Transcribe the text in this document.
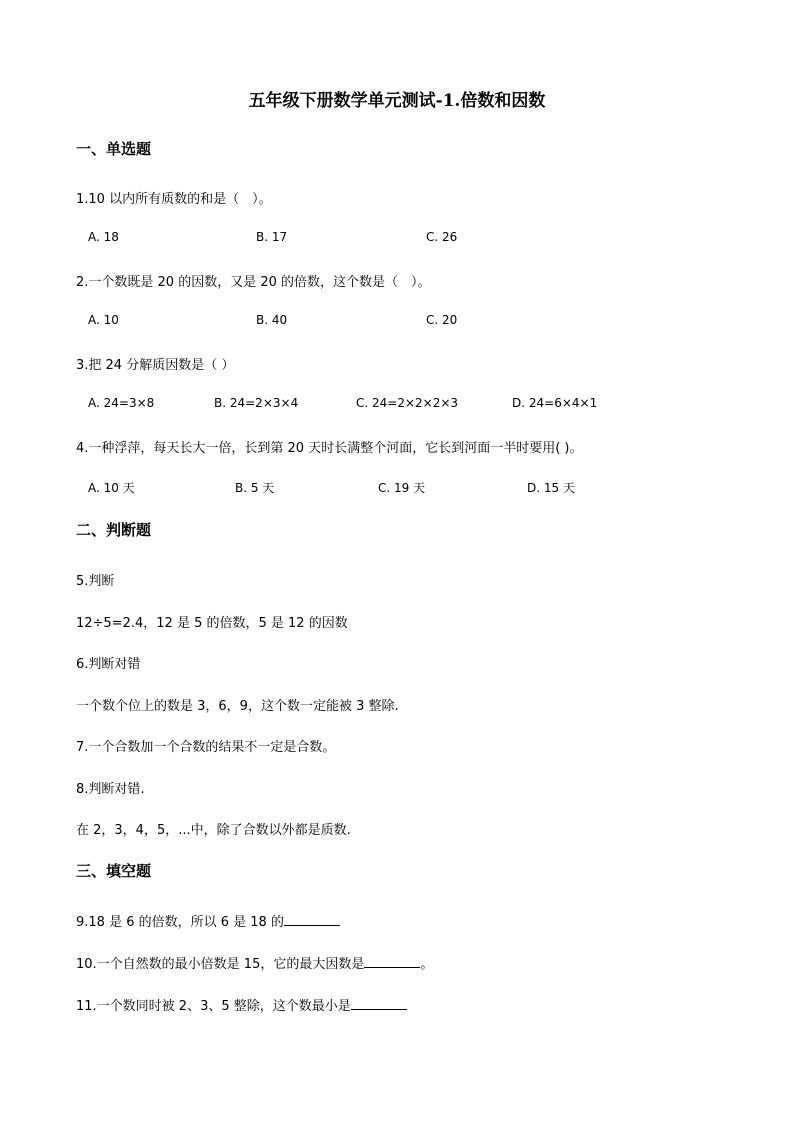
五年级下册数学单元测试-1.倍数和因数
一、单选题
1.10 以内所有质数的和是（　）。
A. 18	B. 17	C. 26
2.一个数既是 20 的因数，又是 20 的倍数，这个数是（　）。
A. 10	B. 40	C. 20
3.把 24 分解质因数是（ ）
A. 24=3×8	B. 24=2×3×4	C. 24=2×2×2×3	D. 24=6×4×1
4.一种浮萍，每天长大一倍，长到第 20 天时长满整个河面，它长到河面一半时要用( )。
A. 10 天	B. 5 天	C. 19 天	D. 15 天
二、判断题
5.判断
12÷5=2.4，12 是 5 的倍数，5 是 12 的因数
6.判断对错
一个数个位上的数是 3，6，9，这个数一定能被 3 整除.
7.一个合数加一个合数的结果不一定是合数。
8.判断对错.
在 2，3，4，5，...中，除了合数以外都是质数.
三、填空题
9.18 是 6 的倍数，所以 6 是 18 的
10.一个自然数的最小倍数是 15，它的最大因数是	。
11.一个数同时被 2、3、5 整除，这个数最小是
